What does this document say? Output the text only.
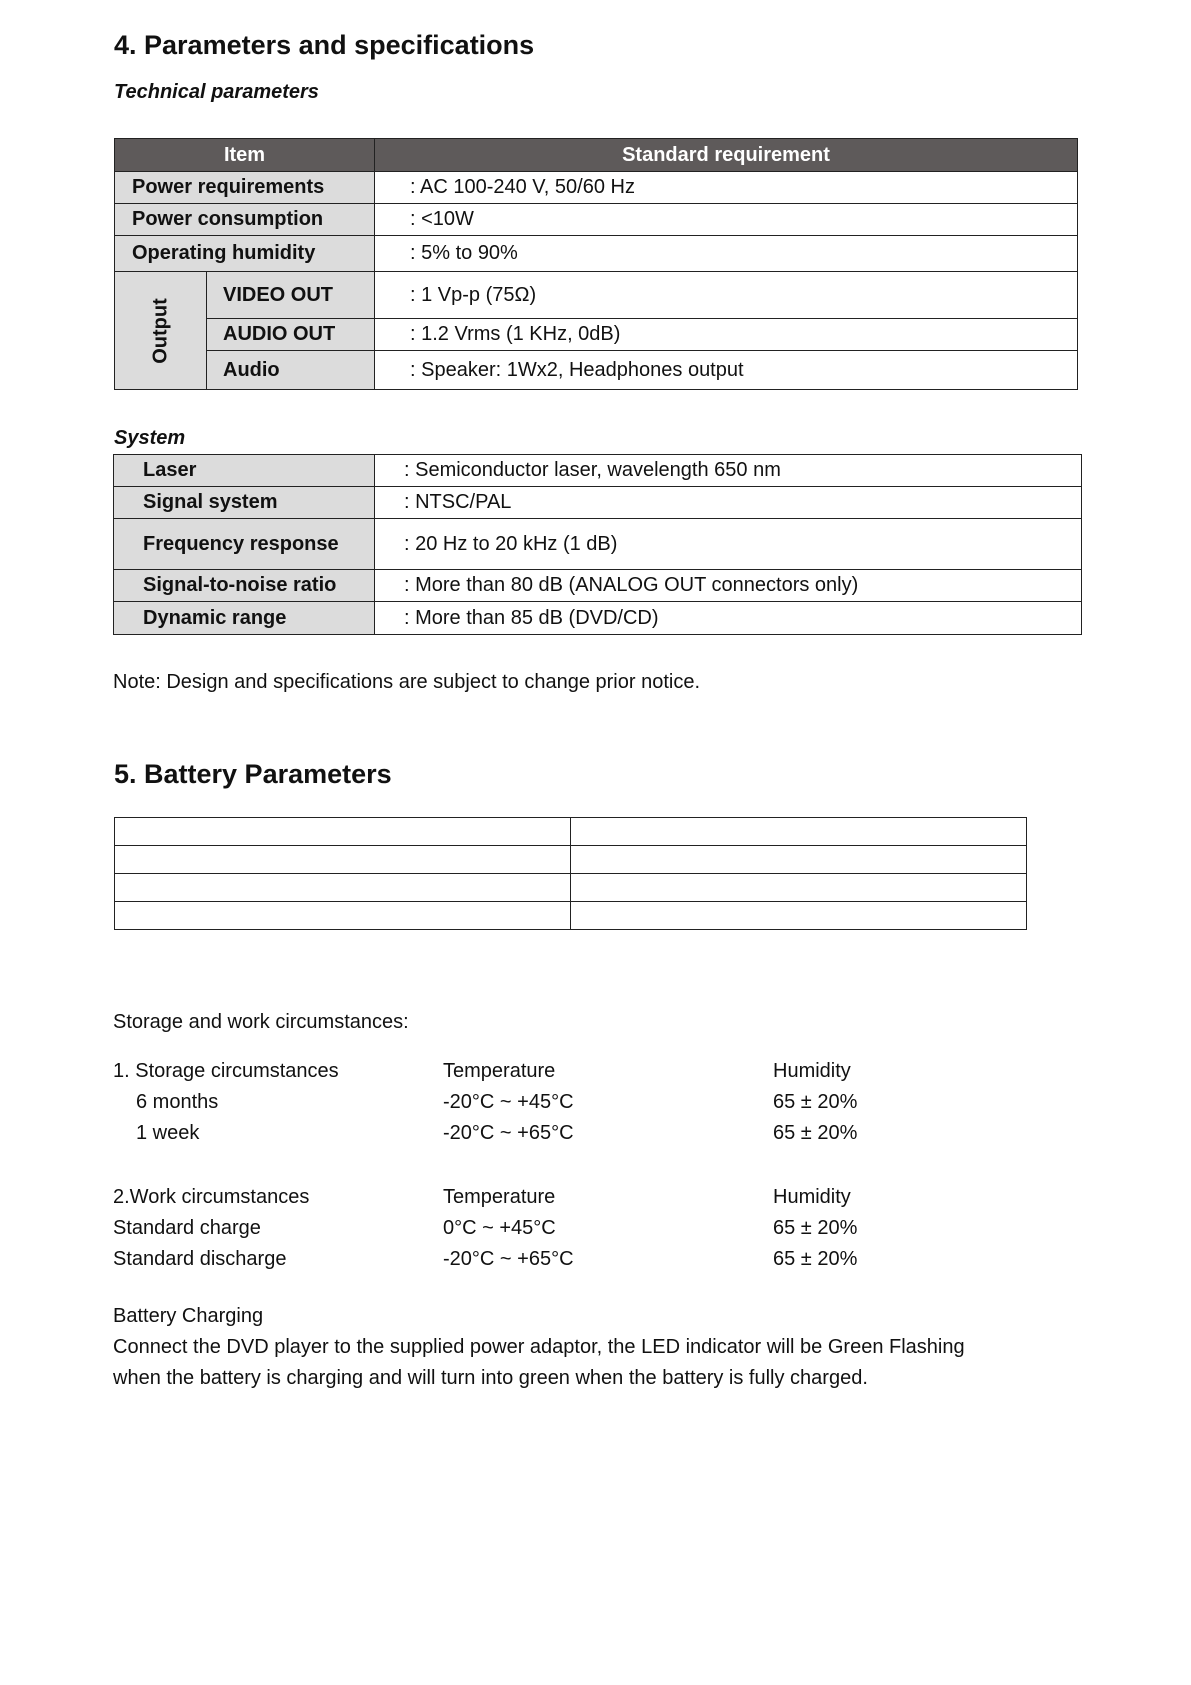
4. Parameters and specifications
Technical parameters
Item		Standard requirement
Power requirements		: AC 100-240 V, 50/60 Hz
Power consumption		: <10W
Operating humidity		: 5% to 90%

Output	VIDEO OUT	: 1 Vp-p (75Ω)
	AUDIO OUT	: 1.2 Vrms (1 KHz, 0dB)
	Audio	: Speaker: 1Wx2, Headphones output
System
Laser	: Semiconductor laser, wavelength 650 nm
Signal system	: NTSC/PAL
Frequency response	: 20 Hz to 20 kHz (1 dB)
Signal-to-noise ratio	: More than 80 dB (ANALOG OUT connectors only)
Dynamic range	: More than 85 dB (DVD/CD)
Note: Design and specifications are subject to change prior notice.
5. Battery Parameters

Storage and work circumstances:
1. Storage circumstances	Temperature	Humidity
6 months	-20°C ~ +45°C	65 ± 20%
1 week	-20°C ~ +65°C	65 ± 20%
2.Work circumstances	Temperature	Humidity
Standard charge	0°C ~ +45°C	65 ± 20%
Standard discharge	-20°C ~ +65°C	65 ± 20%
Battery Charging
Connect the DVD player to the supplied power adaptor, the LED indicator will be Green Flashing
when the battery is charging and will turn into green when the battery is fully charged.
